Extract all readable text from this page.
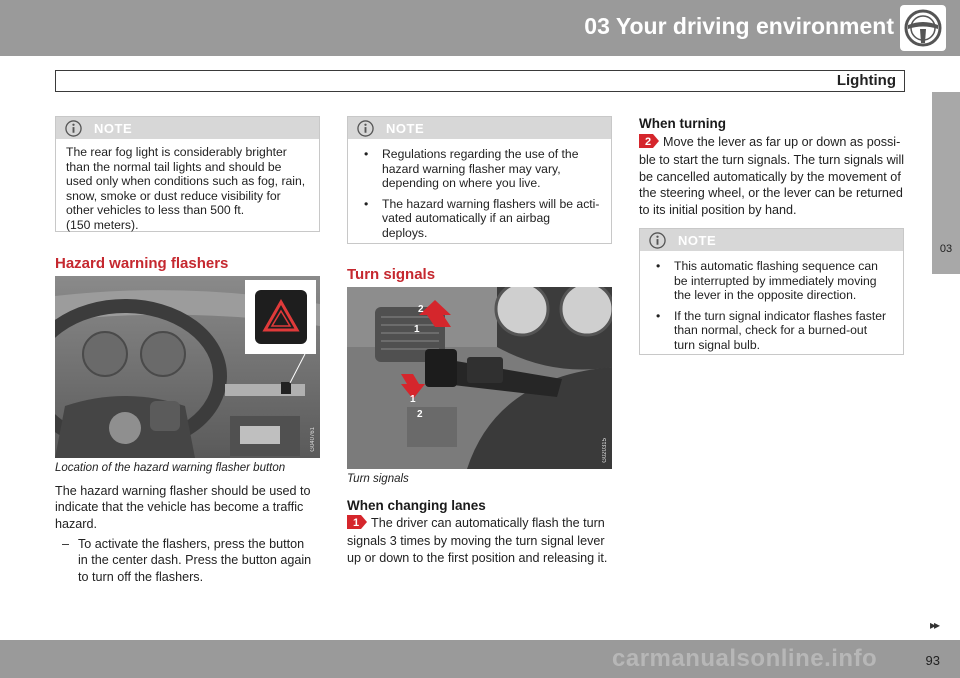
03 Your driving environment
Lighting
03
NOTE
The rear fog light is considerably brighter
than the normal tail lights and should be
used only when conditions such as fog, rain,
snow, smoke or dust reduce visibility for
other vehicles to less than 500 ft.
(150 meters).
Hazard warning flashers
G040761
Location of the hazard warning flasher button
The hazard warning flasher should be used to
indicate that the vehicle has become a traffic
hazard.
– To activate the flashers, press the button
in the center dash. Press the button again
to turn off the flashers.
NOTE
• Regulations regarding the use of the
hazard warning flasher may vary,
depending on where you live.
• The hazard warning flashers will be acti-
vated automatically if an airbag
deploys.
Turn signals
2
1
1
2
G020315
Turn signals
When changing lanes
1 The driver can automatically flash the turn
signals 3 times by moving the turn signal lever
up or down to the first position and releasing it.
When turning
2 Move the lever as far up or down as possi-
ble to start the turn signals. The turn signals will
be cancelled automatically by the movement of
the steering wheel, or the lever can be returned
to its initial position by hand.
NOTE
• This automatic flashing sequence can
be interrupted by immediately moving
the lever in the opposite direction.
• If the turn signal indicator flashes faster
than normal, check for a burned-out
turn signal bulb.
▸▸
carmanualsonline.info	93
